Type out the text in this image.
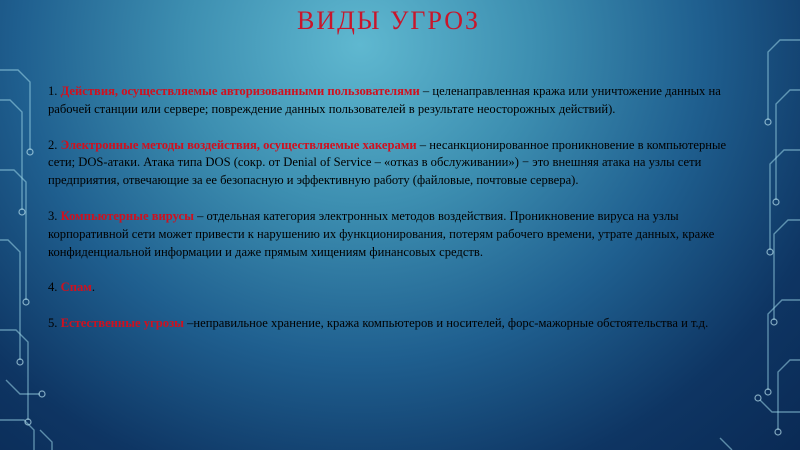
ВИДЫ УГРОЗ

1. Действия, осуществляемые авторизованными пользователями – целенаправленная кража или уничтожение данных на рабочей станции или сервере; повреждение данных пользователей в результате неосторожных действий).

2. Электронные методы воздействия, осуществляемые хакерами – несанкционированное проникновение в компьютерные сети; DOS-атаки. Атака типа DOS (сокр. от Denial of Service – «отказ в обслуживании») − это внешняя атака на узлы сети предприятия, отвечающие за ее безопасную и эффективную работу (файловые, почтовые сервера).

3. Компьютерные вирусы – отдельная категория электронных методов воздействия. Проникновение вируса на узлы корпоративной сети может привести к нарушению их функционирования, потерям рабочего времени, утрате данных, краже конфиденциальной информации и даже прямым хищениям финансовых средств.

4. Спам.

5. Естественные угрозы –неправильное хранение, кража компьютеров и носителей, форс-мажорные обстоятельства и т.д.
